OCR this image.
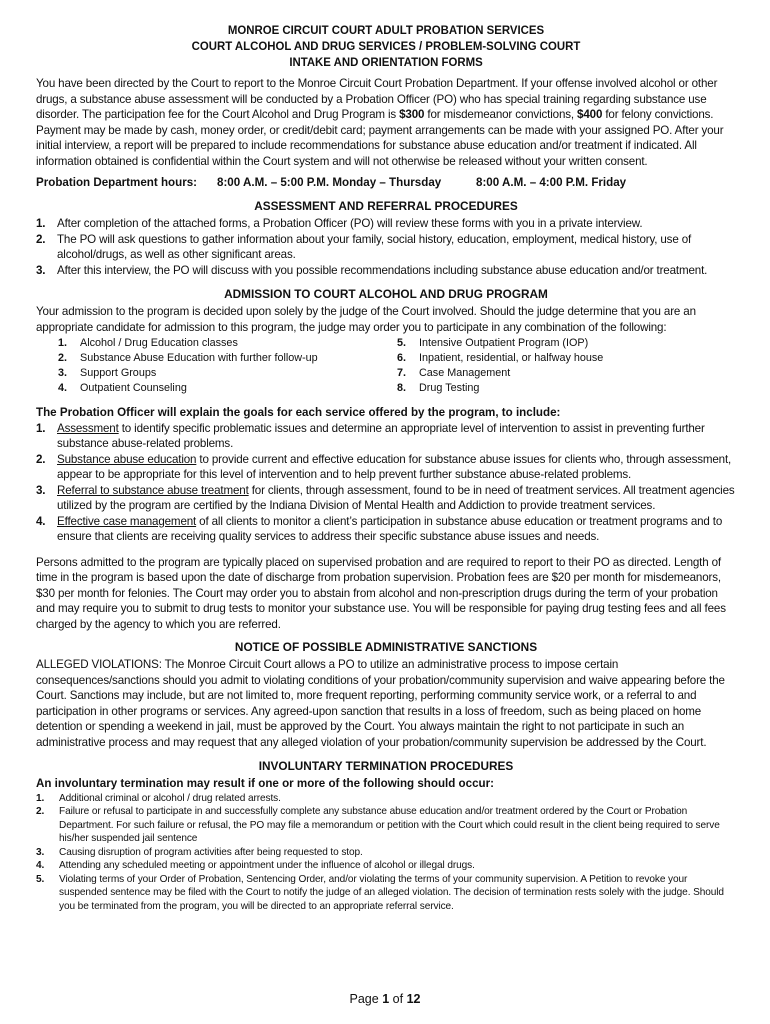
MONROE CIRCUIT COURT ADULT PROBATION SERVICES

COURT ALCOHOL AND DRUG SERVICES / PROBLEM-SOLVING COURT

INTAKE AND ORIENTATION FORMS

You have been directed by the Court to report to the Monroe Circuit Court Probation Department. If your offense involved alcohol or other drugs, a substance abuse assessment will be conducted by a Probation Officer (PO) who has special training regarding substance use disorder. The participation fee for the Court Alcohol and Drug Program is $300 for misdemeanor convictions, $400 for felony convictions. Payment may be made by cash, money order, or credit/debit card; payment arrangements can be made with your assigned PO. After your initial interview, a report will be prepared to include recommendations for substance abuse education and/or treatment if indicated. All information obtained is confidential within the Court system and will not otherwise be released without your written consent.

Probation Department hours: 8:00 A.M. – 5:00 P.M. Monday – Thursday	8:00 A.M. – 4:00 P.M. Friday

ASSESSMENT AND REFERRAL PROCEDURES

1. After completion of the attached forms, a Probation Officer (PO) will review these forms with you in a private interview.
2. The PO will ask questions to gather information about your family, social history, education, employment, medical history, use of alcohol/drugs, as well as other significant areas.
3. After this interview, the PO will discuss with you possible recommendations including substance abuse education and/or treatment.

ADMISSION TO COURT ALCOHOL AND DRUG PROGRAM

Your admission to the program is decided upon solely by the judge of the Court involved. Should the judge determine that you are an appropriate candidate for admission to this program, the judge may order you to participate in any combination of the following:

1. Alcohol / Drug Education classes	5. Intensive Outpatient Program (IOP)
2. Substance Abuse Education with further follow-up	6. Inpatient, residential, or halfway house
3. Support Groups	7. Case Management
4. Outpatient Counseling	8. Drug Testing

The Probation Officer will explain the goals for each service offered by the program, to include:

1. Assessment to identify specific problematic issues and determine an appropriate level of intervention to assist in preventing further substance abuse-related problems.
2. Substance abuse education to provide current and effective education for substance abuse issues for clients who, through assessment, appear to be appropriate for this level of intervention and to help prevent further substance abuse-related problems.
3. Referral to substance abuse treatment for clients, through assessment, found to be in need of treatment services. All treatment agencies utilized by the program are certified by the Indiana Division of Mental Health and Addiction to provide treatment services.
4. Effective case management of all clients to monitor a client’s participation in substance abuse education or treatment programs and to ensure that clients are receiving quality services to address their specific substance abuse issues and needs.

Persons admitted to the program are typically placed on supervised probation and are required to report to their PO as directed. Length of time in the program is based upon the date of discharge from probation supervision. Probation fees are $20 per month for misdemeanors, $30 per month for felonies. The Court may order you to abstain from alcohol and non-prescription drugs during the term of your probation and may require you to submit to drug tests to monitor your substance use. You will be responsible for paying drug testing fees and all fees charged by the agency to which you are referred.

NOTICE OF POSSIBLE ADMINISTRATIVE SANCTIONS

ALLEGED VIOLATIONS: The Monroe Circuit Court allows a PO to utilize an administrative process to impose certain consequences/sanctions should you admit to violating conditions of your probation/community supervision and waive appearing before the Court. Sanctions may include, but are not limited to, more frequent reporting, performing community service work, or a referral to and participation in other programs or services. Any agreed-upon sanction that results in a loss of freedom, such as being placed on home detention or spending a weekend in jail, must be approved by the Court. You always maintain the right to not participate in such an administrative process and may request that any alleged violation of your probation/community supervision be addressed by the Court.

INVOLUNTARY TERMINATION PROCEDURES

An involuntary termination may result if one or more of the following should occur:

1. Additional criminal or alcohol / drug related arrests.
2. Failure or refusal to participate in and successfully complete any substance abuse education and/or treatment ordered by the Court or Probation Department. For such failure or refusal, the PO may file a memorandum or petition with the Court which could result in the client being required to serve his/her suspended jail sentence
3. Causing disruption of program activities after being requested to stop.
4. Attending any scheduled meeting or appointment under the influence of alcohol or illegal drugs.
5. Violating terms of your Order of Probation, Sentencing Order, and/or violating the terms of your community supervision. A Petition to revoke your suspended sentence may be filed with the Court to notify the judge of an alleged violation. The decision of termination rests solely with the judge. Should you be terminated from the program, you will be directed to an appropriate referral service.
Page 1 of 12
